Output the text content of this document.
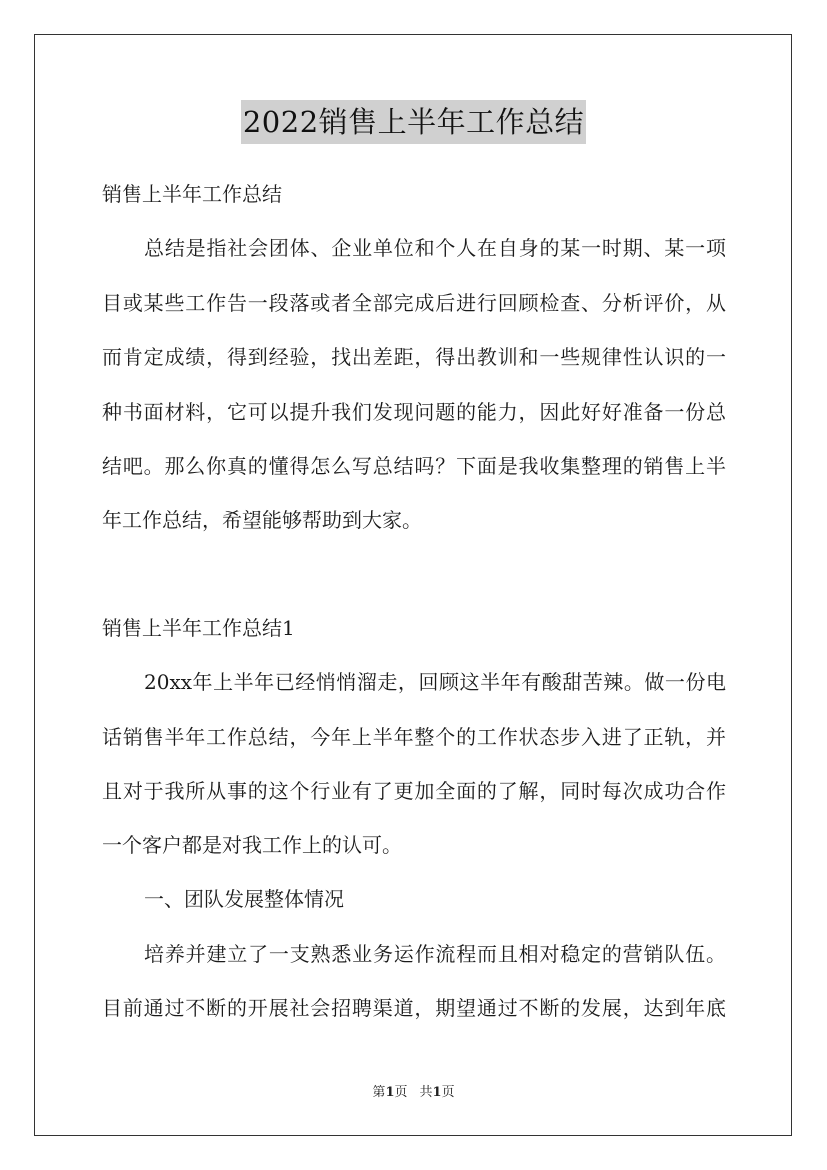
2022销售上半年工作总结
销售上半年工作总结
总结是指社会团体、企业单位和个人在自身的某一时期、某一项
目或某些工作告一段落或者全部完成后进行回顾检查、分析评价，从
而肯定成绩，得到经验，找出差距，得出教训和一些规律性认识的一
种书面材料，它可以提升我们发现问题的能力，因此好好准备一份总
结吧。那么你真的懂得怎么写总结吗？下面是我收集整理的销售上半
年工作总结，希望能够帮助到大家。
销售上半年工作总结1
20xx年上半年已经悄悄溜走，回顾这半年有酸甜苦辣。做一份电
话销售半年工作总结，今年上半年整个的工作状态步入进了正轨，并
且对于我所从事的这个行业有了更加全面的了解，同时每次成功合作
一个客户都是对我工作上的认可。
一、团队发展整体情况
培养并建立了一支熟悉业务运作流程而且相对稳定的营销队伍。
目前通过不断的开展社会招聘渠道，期望通过不断的发展，达到年底
第1页 共1页
